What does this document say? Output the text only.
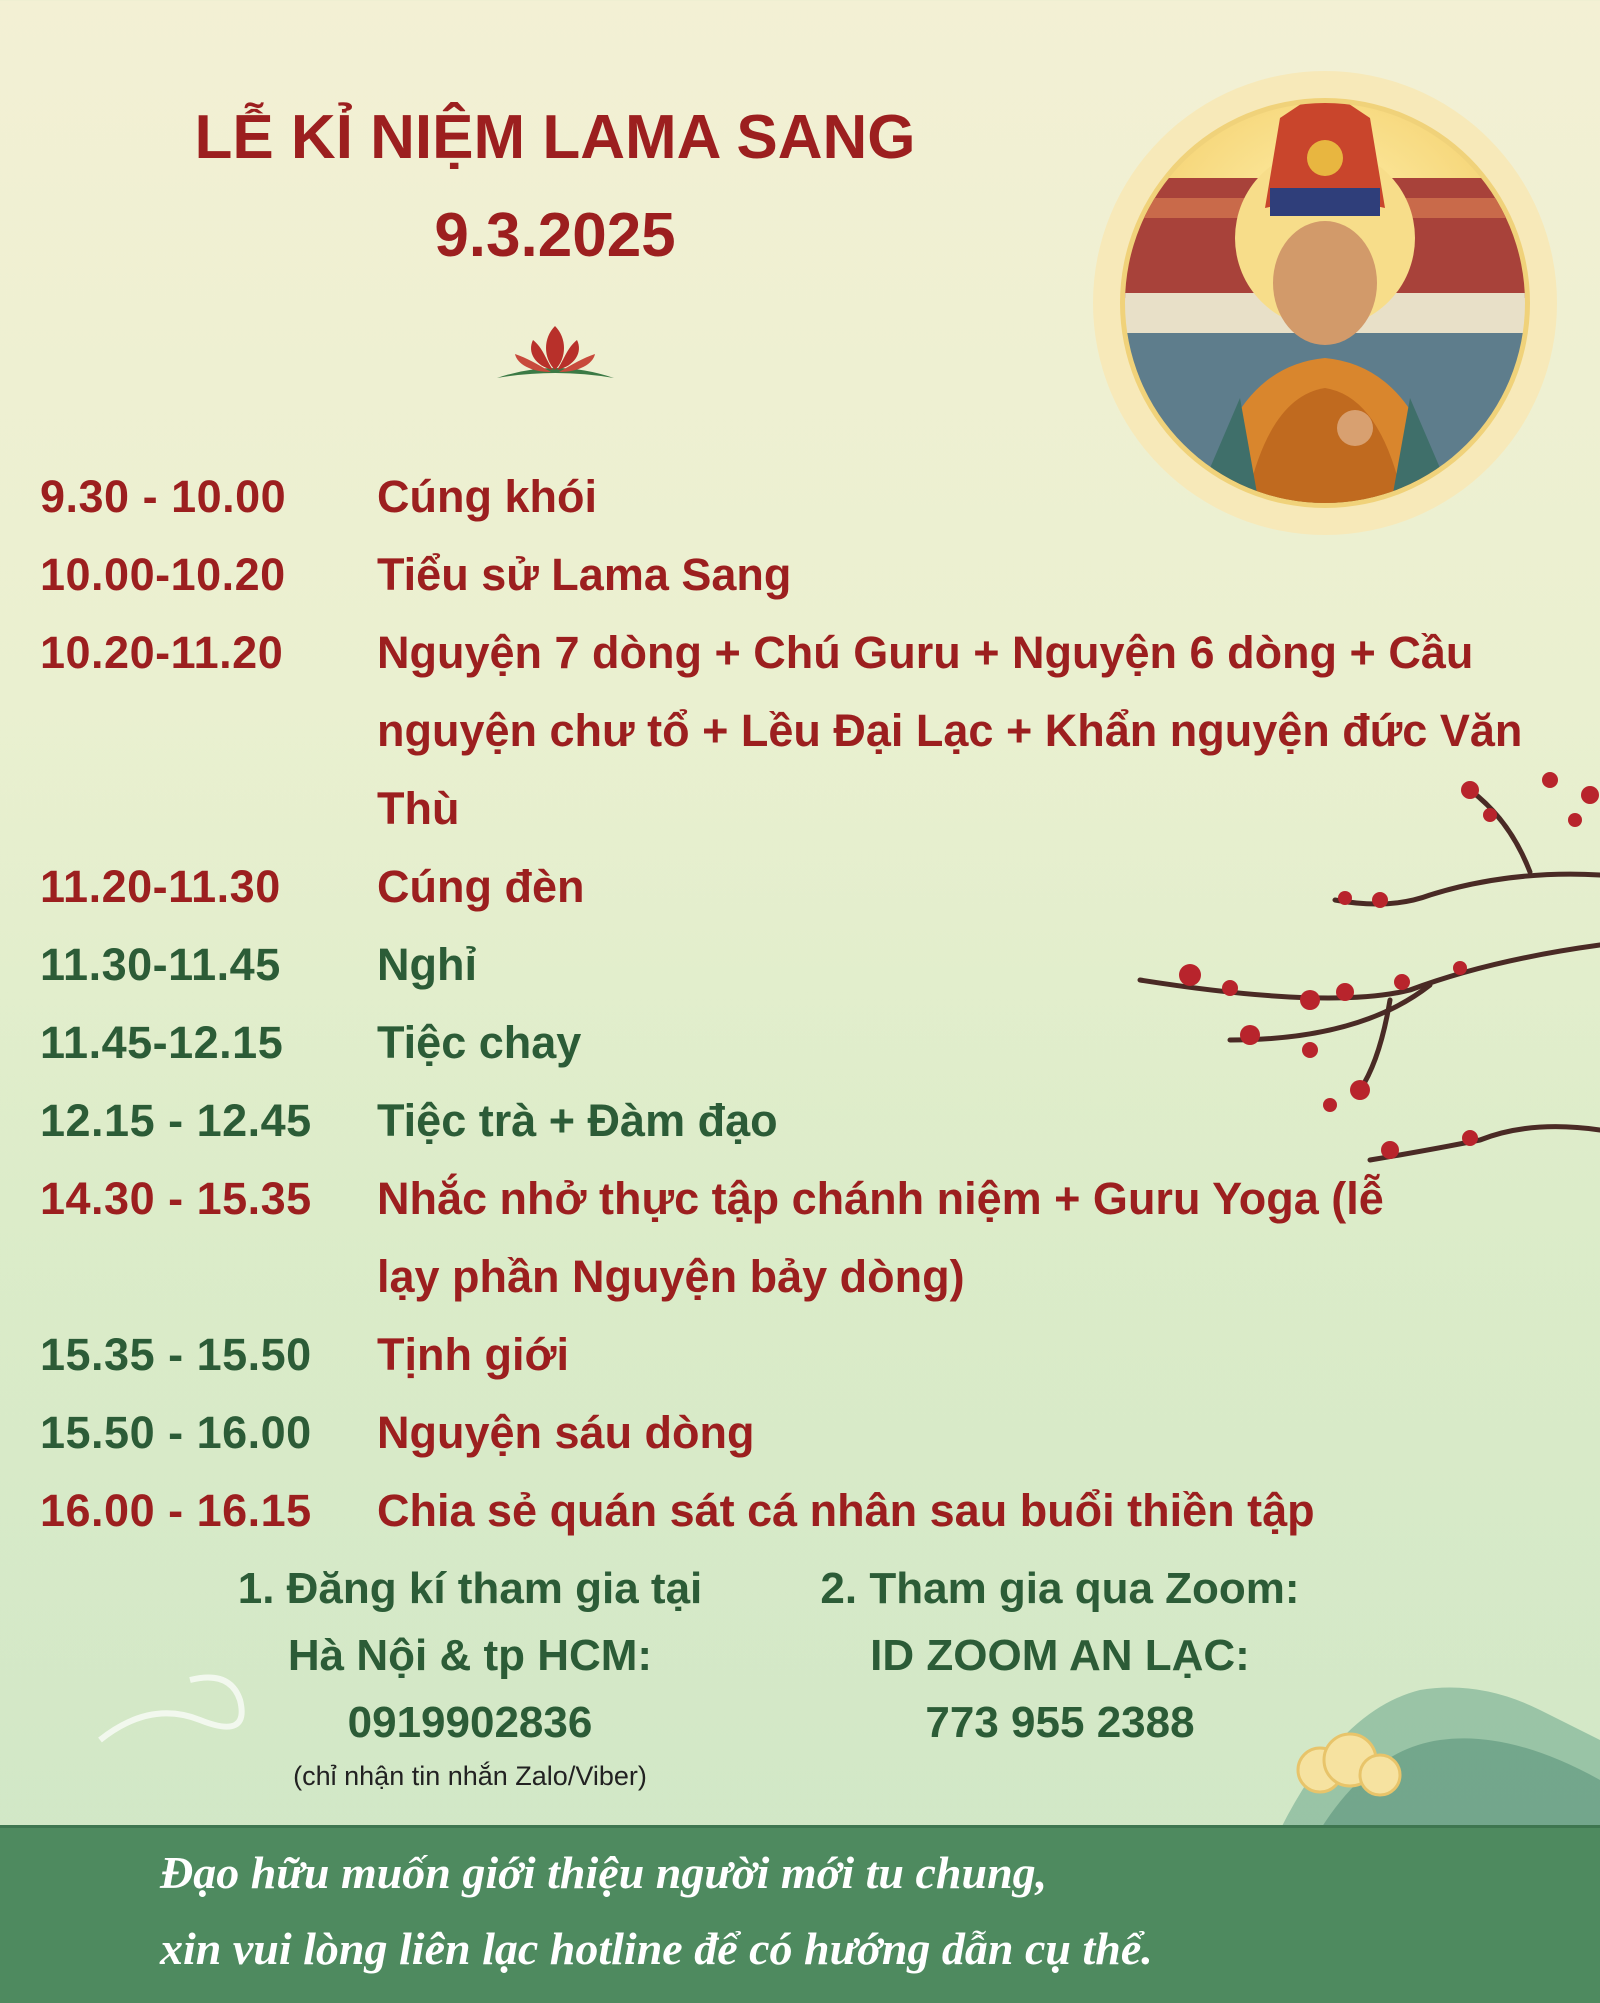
LỄ KỈ NIỆM LAMA SANG
9.3.2025
9.30 - 10.00	Cúng khói
10.00-10.20	Tiểu sử Lama Sang
10.20-11.20	Nguyện 7 dòng + Chú Guru + Nguyện 6 dòng + Cầu nguyện chư tổ + Lều Đại Lạc + Khẩn nguyện đức Văn Thù
11.20-11.30	Cúng đèn
11.30-11.45	Nghỉ
11.45-12.15	Tiệc chay
12.15 - 12.45	Tiệc trà + Đàm đạo
14.30 - 15.35	Nhắc nhở thực tập chánh niệm + Guru Yoga (lễ lạy phần Nguyện bảy dòng)
15.35 - 15.50	Tịnh giới
15.50 - 16.00	Nguyện sáu dòng
16.00 - 16.15	Chia sẻ quán sát cá nhân sau buổi thiền tập
1. Đăng kí tham gia tại
Hà Nội & tp HCM:
0919902836
(chỉ nhận tin nhắn Zalo/Viber)
2. Tham gia qua Zoom:
ID ZOOM AN LẠC:
773 955 2388
Đạo hữu muốn giới thiệu người mới tu chung,
xin vui lòng liên lạc hotline để có hướng dẫn cụ thể.
